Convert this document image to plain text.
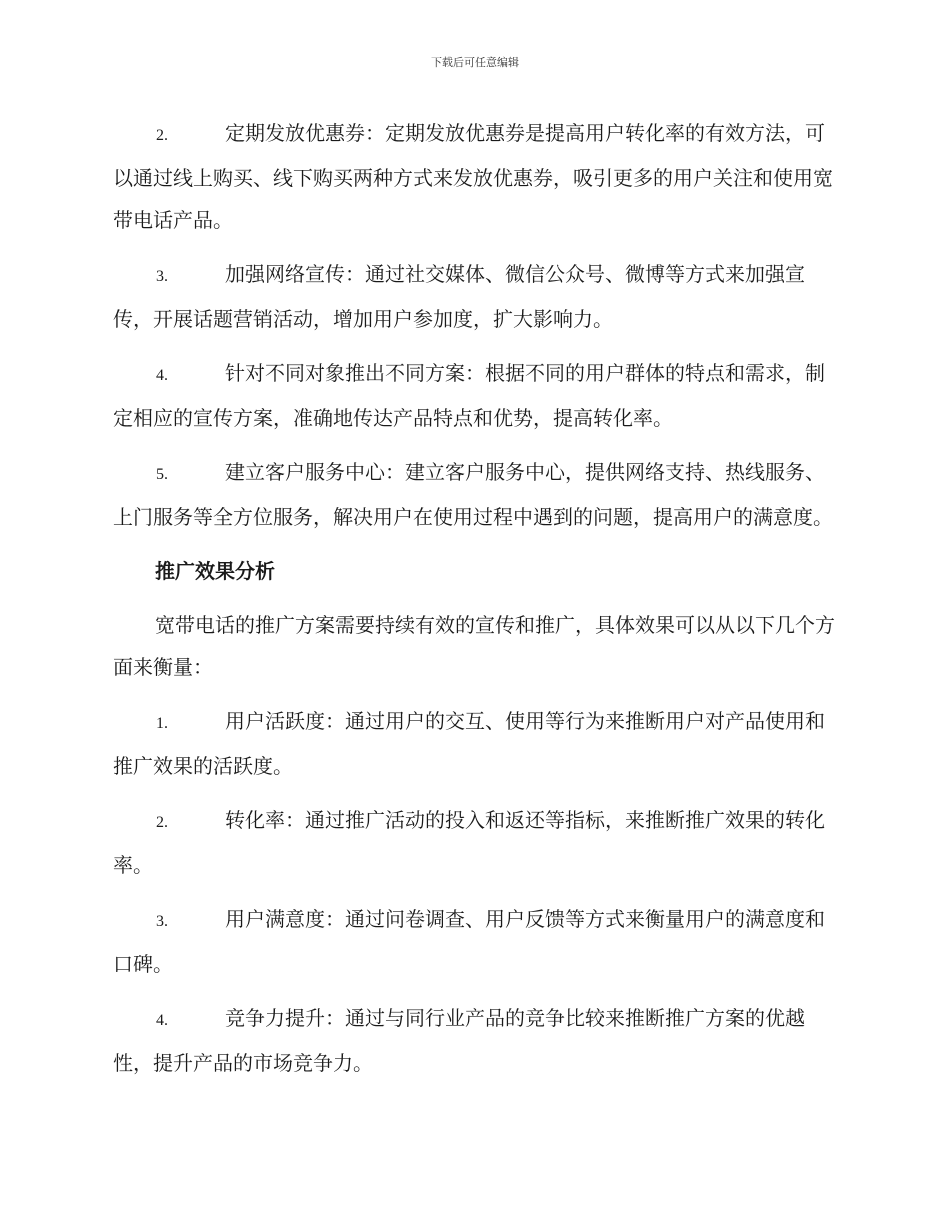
下载后可任意编辑

2.	定期发放优惠券：定期发放优惠券是提高用户转化率的有效方法，可以通过线上购买、线下购买两种方式来发放优惠券，吸引更多的用户关注和使用宽带电话产品。

3.	加强网络宣传：通过社交媒体、微信公众号、微博等方式来加强宣传，开展话题营销活动，增加用户参加度，扩大影响力。

4.	针对不同对象推出不同方案：根据不同的用户群体的特点和需求，制定相应的宣传方案，准确地传达产品特点和优势，提高转化率。

5.	建立客户服务中心：建立客户服务中心，提供网络支持、热线服务、上门服务等全方位服务，解决用户在使用过程中遇到的问题，提高用户的满意度。

推广效果分析

宽带电话的推广方案需要持续有效的宣传和推广，具体效果可以从以下几个方面来衡量：

1.	用户活跃度：通过用户的交互、使用等行为来推断用户对产品使用和推广效果的活跃度。

2.	转化率：通过推广活动的投入和返还等指标，来推断推广效果的转化率。

3.	用户满意度：通过问卷调查、用户反馈等方式来衡量用户的满意度和口碑。

4.	竞争力提升：通过与同行业产品的竞争比较来推断推广方案的优越性，提升产品的市场竞争力。
